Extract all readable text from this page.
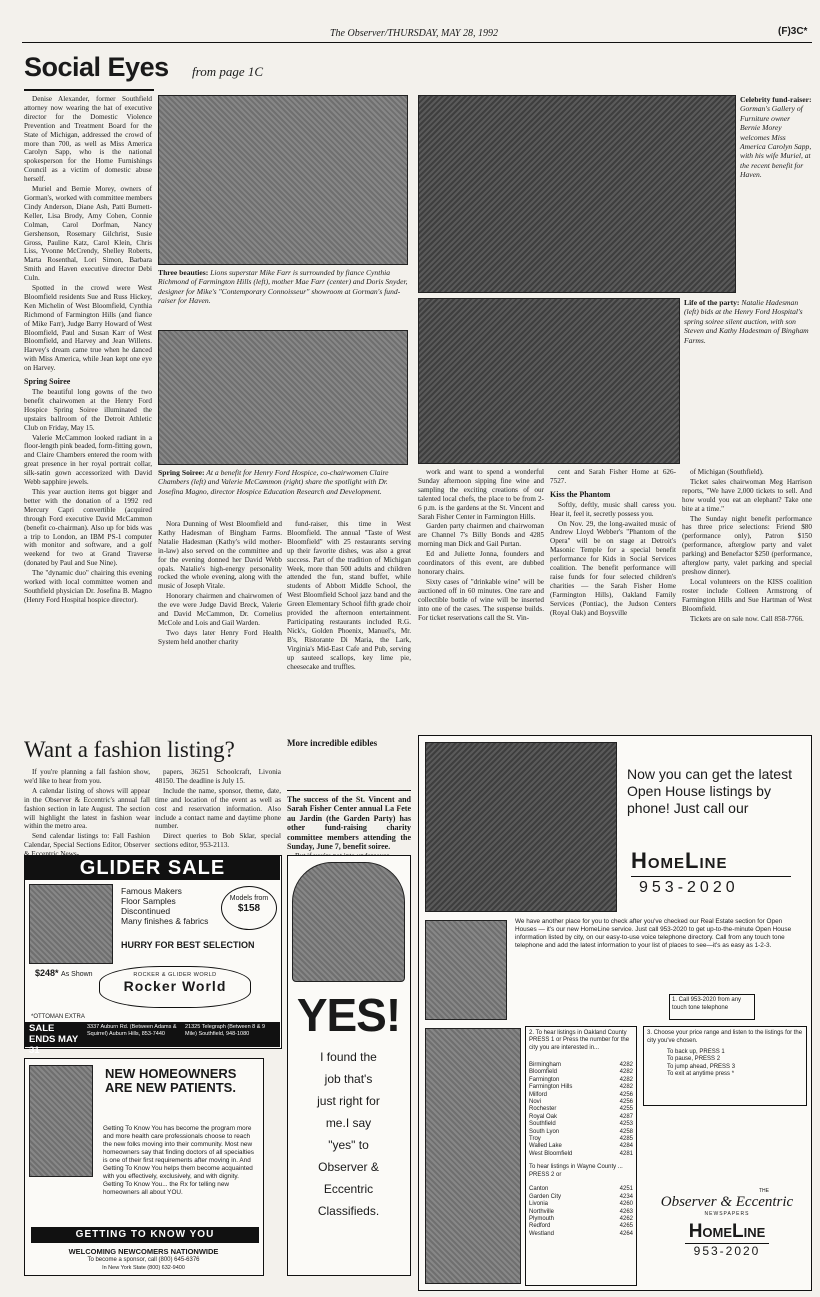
The Observer/THURSDAY, MAY 28, 1992	(F)3C*
Social Eyes from page 1C

Denise Alexander, former Southfield attorney now wearing the hat of executive director for the Domestic Violence Prevention and Treatment Board for the State of Michigan, addressed the crowd of more than 700, as well as Miss America Carolyn Sapp, who is the national spokesperson for the Home Furnishings Council as a victim of domestic abuse herself.

Muriel and Bernie Morey, owners of Gorman's, worked with committee members Cindy Anderson, Diane Ash, Patti Burnett-Keller, Lisa Brody, Amy Cohen, Connie Colman, Carol Dorfman, Nancy Gershenson, Rosemary Gilchrist, Susie Gross, Pauline Katz, Carol Klein, Chris Liss, Yvonne McCrendy, Shelley Roberts, Marta Rosenthal, Lori Simon, Barbara Smith and Haven executive director Debi Culn.

Spotted in the crowd were West Bloomfield residents Sue and Russ Hickey, Ken Michelin of West Bloomfield, Cynthia Richmond of Farmington Hills (and fiance of Mike Farr), Judge Barry Howard of West Bloomfield, Paul and Susan Karr of West Bloomfield, and Harvey and Jean Willens. Harvey's dream came true when he danced with Miss America, while Jean kept one eye on Harvey.

Spring Soiree

The beautiful long gowns of the two benefit chairwomen at the Henry Ford Hospice Spring Soiree illuminated the upstairs ballroom of the Detroit Athletic Club on Friday, May 15.

Valerie McCammon looked radiant in a floor-length pink beaded, form-fitting gown, and Claire Chambers entered the room with great presence in her royal portrait collar, silk-satin gown accessorized with David Webb sapphire jewels.

This year auction items got bigger and better with the donation of a 1992 red Mercury Capri convertible (acquired through Ford executive David McCammon (benefit co-chairman). Also up for bids was a trip to London, an IBM PS-1 computer with monitor and software, and a golf weekend for two at Grand Traverse (donated by Paul and Sue Nine).

The "dynamic duo" chairing this evening worked with local committee women and Southfield physician Dr. Josefina B. Magno (Henry Ford Hospital hospice director).

Three beauties: Lions superstar Mike Farr is surrounded by fiance Cynthia Richmond of Farmington Hills (left), mother Mae Farr (center) and Doris Snyder, designer for Mike's "Contemporary Connoisseur" showroom at Gorman's fund-raiser for Haven.
Celebrity fund-raiser: Gorman's Gallery of Furniture owner Bernie Morey welcomes Miss America Carolyn Sapp, with his wife Muriel, at the recent benefit for Haven.
Spring Soiree: At a benefit for Henry Ford Hospice, co-chairwomen Claire Chambers (left) and Valerie McCammon (right) share the spotlight with Dr. Josefina Magno, director Hospice Education Research and Development.
Life of the party: Natalie Hadesman (left) bids at the Henry Ford Hospital's spring soiree silent auction, with son Steven and Kathy Hadesman of Bingham Farms.

Nora Dunning of West Bloomfield and Kathy Hadesman of Bingham Farms. Natalie Hadesman (Kathy's wild mother-in-law) also served on the committee and for the evening donned her David Webb opals. Natalie's high-energy personality rocked the whole evening, along with the music of Joseph Vitale.

Honorary chairmen and chairwomen of the eve were Judge David Breck, Valerie and David McCammon, Dr. Cornelius McCole and Lois and Gail Warden.

Two days later Henry Ford Health System held another charity

fund-raiser, this time in West Bloomfield. The annual "Taste of West Bloomfield" with 25 restaurants serving up their favorite dishes, was also a great success. Part of the tradition of Michigan Week, more than 500 adults and children attended the fun, stand buffet, while students of Abbott Middle School, the West Bloomfield School jazz band and the Green Elementary School fifth grade choir provided the afternoon entertainment. Participating restaurants included R.G. Nick's, Golden Phoenix, Manuel's, Mr. B's, Ristorante Di Maria, the Lark, Virginia's Mid-East Cafe and Pub, serving up sauteed scallops, key lime pie, cheesecake and truffles.

work and want to spend a wonderful Sunday afternoon sipping fine wine and sampling the exciting creations of our talented local chefs, the place to be from 2-6 p.m. is the gardens at the St. Vincent and Sarah Fisher Center in Farmington Hills.

Garden party chairmen and chairwoman are Channel 7's Billy Bonds and 4285 morning man Dick and Gail Purtan.

Ed and Juliette Jonna, founders and coordinators of this event, are dubbed honorary chairs.

Sixty cases of "drinkable wine" will be auctioned off in 60 minutes. One rare and collectible bottle of wine will be inserted into one of the cases. The suspense builds. For ticket reservations call the St. Vin-

cent and Sarah Fisher Home at 626-7527.

Kiss the Phantom

Softly, deftly, music shall caress you. Hear it, feel it, secretly possess you.

On Nov. 29, the long-awaited music of Andrew Lloyd Webber's "Phantom of the Opera" will be on stage at Detroit's Masonic Temple for a special benefit performance for Kids in Social Services coalition. The benefit performance will raise funds for four selected children's charities — the Sarah Fisher Home (Farmington Hills), Oakland Family Services (Pontiac), the Judson Centers (Royal Oak) and Boysville

of Michigan (Southfield).

Ticket sales chairwoman Meg Harrison reports, "We have 2,000 tickets to sell. And how would you eat an elephant? Take one bite at a time."

The Sunday night benefit performance has three price selections: Friend $80 (performance only), Patron $150 (performance, afterglow party and valet parking) and Benefactor $250 (performance, afterglow party, valet parking and special preshow dinner).

Local volunteers on the KISS coalition roster include Colleen Armstrong of Farmington Hills and Sue Hartman of West Bloomfield.

Tickets are on sale now. Call 858-7766.

Want a fashion listing?

If you're planning a fall fashion show, we'd like to hear from you.

A calendar listing of shows will appear in the Observer & Eccentric's annual fall fashion section in late August. The section will highlight the latest in fashion wear within the metro area.

Send calendar listings to: Fall Fashion Calendar, Special Sections Editor, Observer

papers, 36251 Schoolcraft, Livonia 48150. The deadline is July 15.

Include the name, sponsor, theme, date, time and location of the event as well as cost and reservation information. Also include a contact name and daytime phone number.

Direct queries to Bob Sklar, special sections editor, 953-2113.

More incredible edibles

The success of the St. Vincent and Sarah Fisher Center annual La Fete au Jardin (the Garden Party) has other fund-raising charity committee members attending the Sunday, June 7, benefit soiree.

Now you can get the latest Open House listings by phone! Just call our
HomeLine
953-2020
We have another place for you to check after you've checked our Real Estate section for Open Houses — it's our new HomeLine service. Just call 953-2020 to get up-to-the-minute Open House information listed by city, on our easy-to-use voice telephone directory. Call from any touch tone telephone and add the latest information to your list of places to see—it's as easy as 1-2-3.
1. Call 953-2020 from any touch tone telephone
2. To hear listings in Oakland County PRESS 1 or Press the number for the city you are interested in...
Birmingham	4282
Bloomfield	4282
Farmington	4282
Farmington Hills	4282
Milford	4256
Novi	4256
Rochester	4255
Royal Oak	4287
Southfield	4253
South Lyon	4258
Troy	4285
Walled Lake	4284
West Bloomfield	4281
To hear listings in Wayne County ... PRESS 2 or
Canton	4251
Garden City	4234
Livonia	4260
Northville	4263
Plymouth	4262
Redford	4265
Westland	4264
3. Choose your price range and listen to the listings for the city you've chosen.
To back up, PRESS 1
To pause, PRESS 2
To jump ahead, PRESS 3
To exit at anytime press *
THE
Observer & Eccentric
NEWSPAPERS
HomeLine
953-2020
GLIDER SALE
Famous Makers
Floor Samples
Discontinued
Many finishes & fabrics
Models from
$158
HURRY FOR BEST SELECTION
$248* As Shown	ROCKER & GLIDER WORLD
Rocker World
*OTTOMAN EXTRA
SALE ENDS MAY 31
3337 Auburn Rd. (Between Adams & Squirrel) Auburn Hills, 853-7440
21325 Telegraph (Between 8 & 9 Mile) Southfield, 948-1080
NEW HOMEOWNERS ARE NEW PATIENTS.
Getting To Know You has become the program more and more health care professionals choose to reach the new folks moving into their community. Most new homeowners say that finding doctors of all specialties is one of their first requirements after moving in. And Getting To Know You helps them become acquainted with you effectively, exclusively, and with dignity. Getting To Know You... the Rx for telling new homeowners all about YOU.
GETTING TO KNOW YOU
WELCOMING NEWCOMERS NATIONWIDE
To become a sponsor, call (800) 645-6376
In New York State (800) 632-9400
YES!
I found the
job that's
just right for
me.I say
"yes" to
Observer &
Eccentric
Classifieds.
